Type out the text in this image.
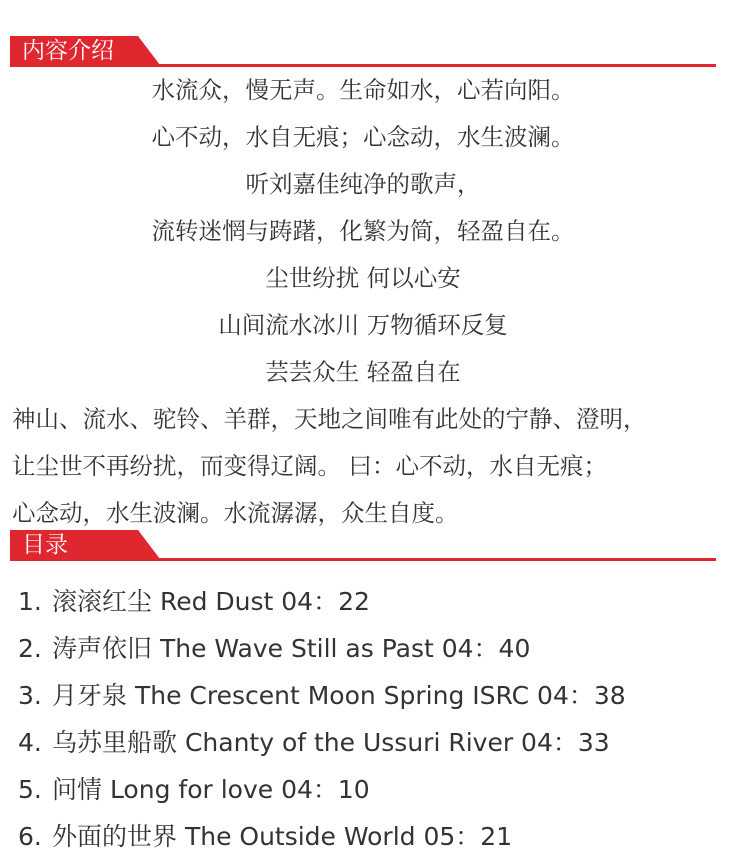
内容介绍
水流众，慢无声。生命如水，心若向阳。
心不动，水自无痕；心念动，水生波澜。
听刘嘉佳纯净的歌声，
流转迷惘与踌躇，化繁为简，轻盈自在。
尘世纷扰 何以心安
山间流水冰川 万物循环反复
芸芸众生 轻盈自在
神山、流水、驼铃、羊群，天地之间唯有此处的宁静、澄明，
让尘世不再纷扰，而变得辽阔。 曰：心不动，水自无痕；
心念动，水生波澜。水流潺潺，众生自度。
目录
1. 滚滚红尘 Red Dust 04：22
2. 涛声依旧 The Wave Still as Past 04：40
3. 月牙泉 The Crescent Moon Spring ISRC 04：38
4. 乌苏里船歌 Chanty of the Ussuri River 04：33
5. 问情 Long for love 04：10
6. 外面的世界 The Outside World 05：21
